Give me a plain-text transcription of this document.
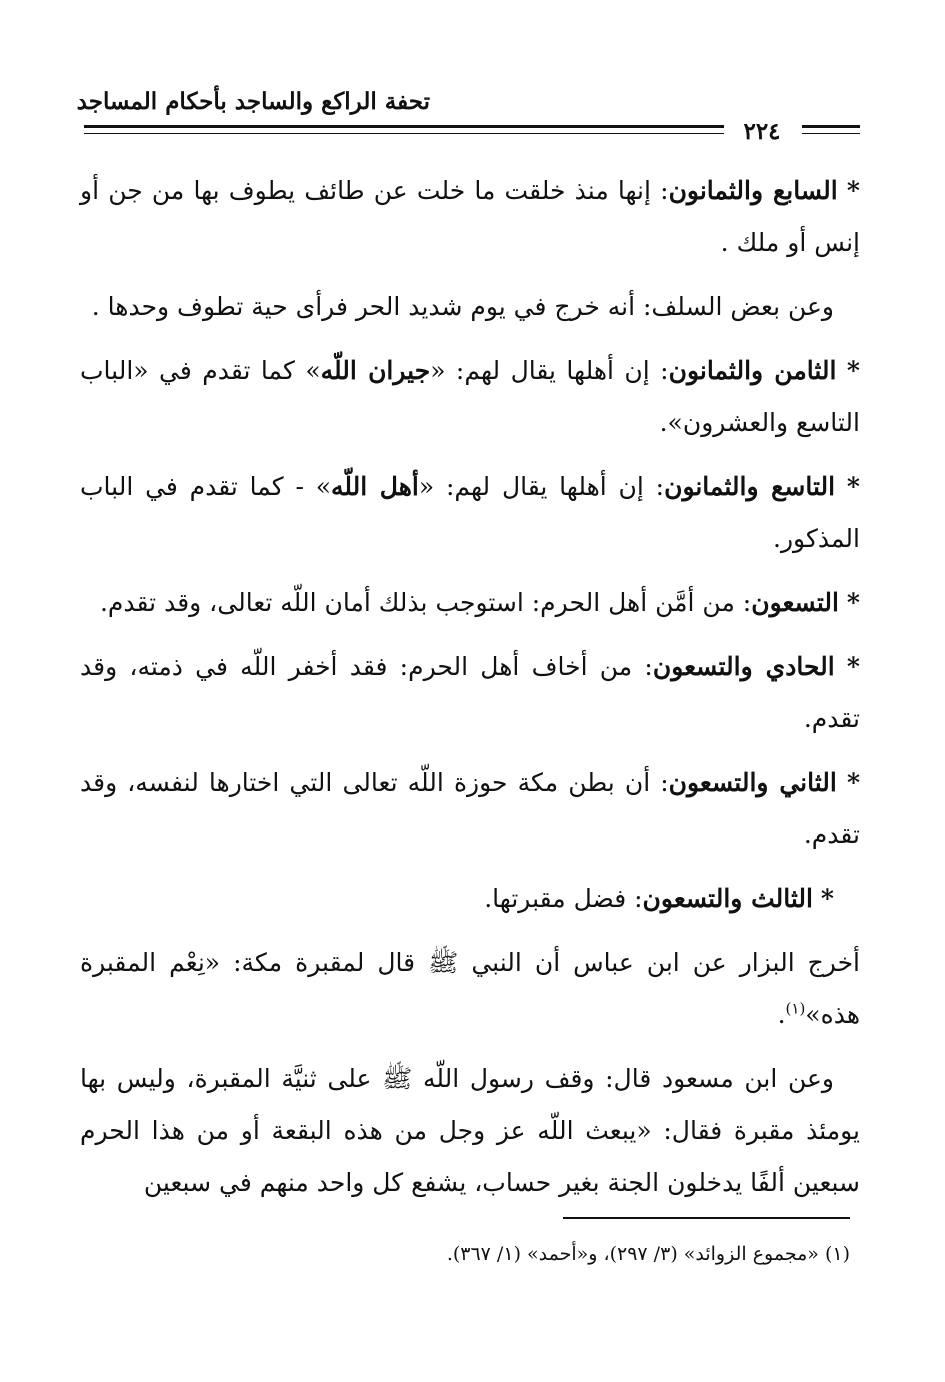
تحفة الراكع والساجد بأحكام المساجد
٢٢٤

* السابع والثمانون: إنها منذ خلقت ما خلت عن طائف يطوف بها من جن أو إنس أو ملك .

وعن بعض السلف: أنه خرج في يوم شديد الحر فرأى حية تطوف وحدها .

* الثامن والثمانون: إن أهلها يقال لهم: «جيران اللّه» كما تقدم في «الباب التاسع والعشرون».

* التاسع والثمانون: إن أهلها يقال لهم: «أهل اللّه» - كما تقدم في الباب المذكور.

* التسعون: من أمَّن أهل الحرم: استوجب بذلك أمان اللّه تعالى، وقد تقدم.

* الحادي والتسعون: من أخاف أهل الحرم: فقد أخفر اللّه في ذمته، وقد تقدم.

* الثاني والتسعون: أن بطن مكة حوزة اللّه تعالى التي اختارها لنفسه، وقد تقدم.

* الثالث والتسعون: فضل مقبرتها.

أخرج البزار عن ابن عباس أن النبي ﷺ قال لمقبرة مكة: «نِعْم المقبرة هذه»$^{(١)}$.

وعن ابن مسعود قال: وقف رسول اللّه ﷺ على ثنيَّة المقبرة، وليس بها يومئذ مقبرة فقال: «يبعث اللّه عز وجل من هذه البقعة أو من هذا الحرم سبعين ألفًا يدخلون الجنة بغير حساب، يشفع كل واحد منهم في سبعين

(١) «مجموع الزوائد» (٣/ ٢٩٧)، و«أحمد» (١/ ٣٦٧).
